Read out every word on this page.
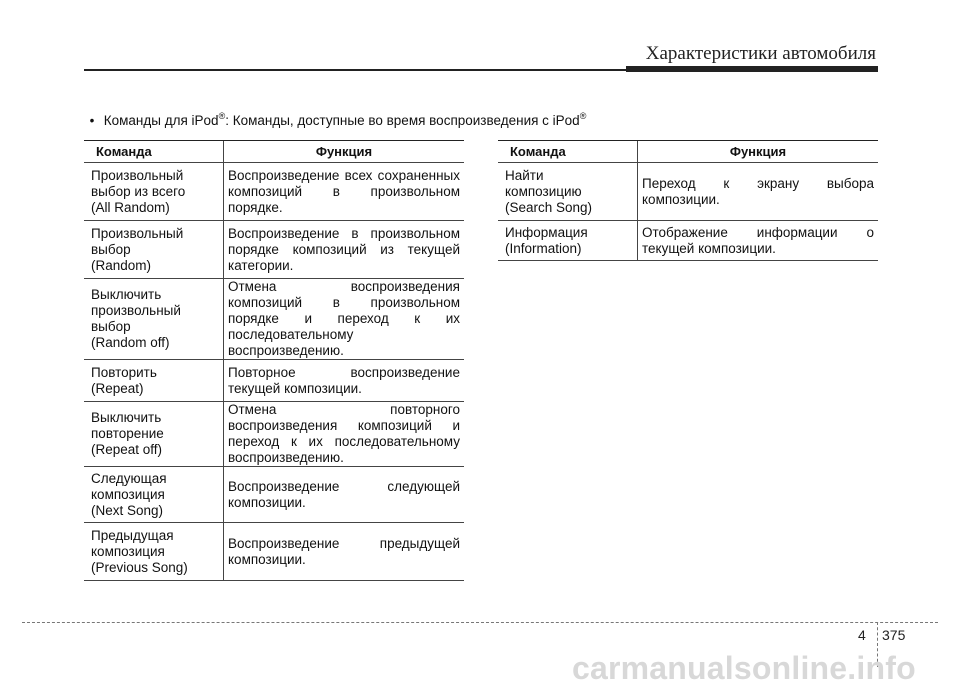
Характеристики автомобиля
• Команды для iPod®: Команды, доступные во время воспроизведения с iPod®
Команда	Функция

Произвольный
выбор из всего
(All Random)	Воспроизведение всех сохраненных композиций в произвольном порядке.

Произвольный
выбор
(Random)	Воспроизведение в произвольном порядке композиций из текущей категории.

Выключить
произвольный
выбор
(Random off)	Отмена воспроизведения композиций в произвольном порядке и переход к их последовательному воспроизведению.

Повторить
(Repeat)	Повторное воспроизведение текущей композиции.

Выключить
повторение
(Repeat off)	Отмена повторного воспроизведения композиций и переход к их последовательному воспроизведению.

Следующая
композиция
(Next Song)	Воспроизведение следующей композиции.

Предыдущая
композиция
(Previous Song)	Воспроизведение предыдущей композиции.
Команда	Функция

Найти
композицию
(Search Song)	Переход к экрану выбора композиции.

Информация
(Information)	Отображение информации о текущей композиции.
4 375
carmanualsonline.info
